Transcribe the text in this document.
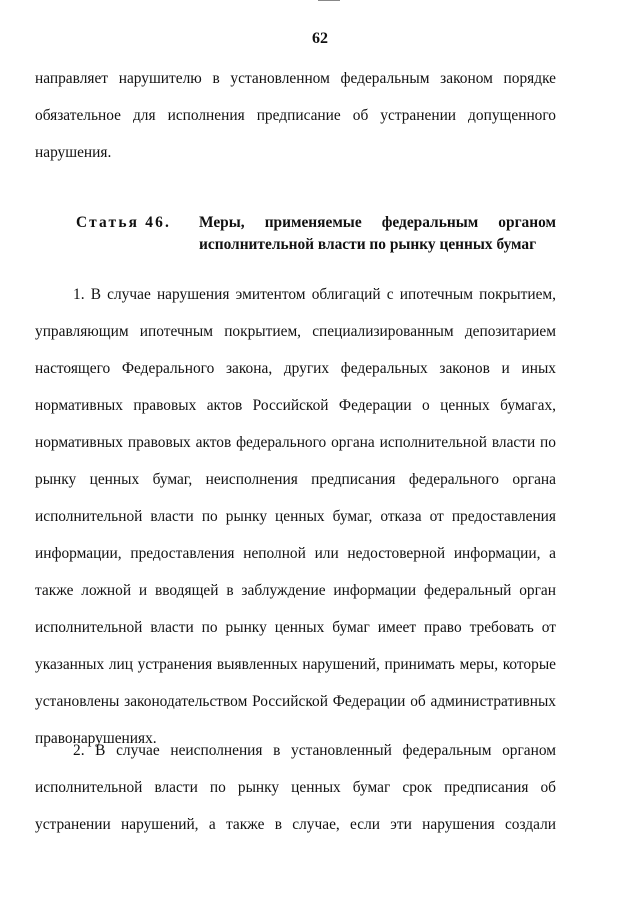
62
направляет нарушителю в установленном федеральным законом порядке
обязательное для исполнения предписание об устранении допущенного
нарушения.
Статья 46. Меры, применяемые федеральным органом
исполнительной власти по рынку ценных бумаг
1. В случае нарушения эмитентом облигаций с ипотечным покрытием,
управляющим ипотечным покрытием, специализированным депозитарием
настоящего Федерального закона, других федеральных законов и иных
нормативных правовых актов Российской Федерации о ценных бумагах,
нормативных правовых актов федерального органа исполнительной власти по
рынку ценных бумаг, неисполнения предписания федерального органа
исполнительной власти по рынку ценных бумаг, отказа от предоставления
информации, предоставления неполной или недостоверной информации, а
также ложной и вводящей в заблуждение информации федеральный орган
исполнительной власти по рынку ценных бумаг имеет право требовать от
указанных лиц устранения выявленных нарушений, принимать меры, которые
установлены законодательством Российской Федерации об административных
правонарушениях.
2. В случае неисполнения в установленный федеральным органом
исполнительной власти по рынку ценных бумаг срок предписания об
устранении нарушений, а также в случае, если эти нарушения создали
